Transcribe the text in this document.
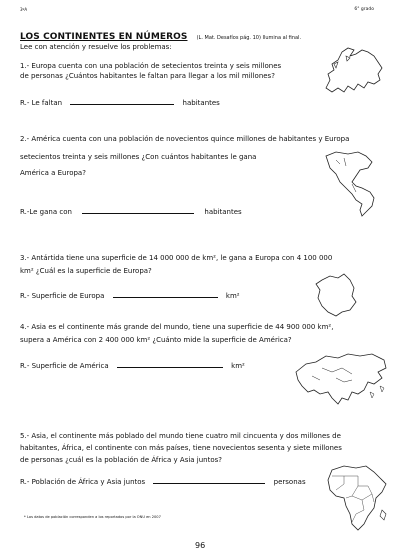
3ºA	6° grado
LOS CONTINENTES EN NÚMEROS (L. Mat. Desafíos pág. 10) Ilumina al final.
Lee con atención y resuelve los problemas:
1.- Europa cuenta con una población de setecientos treinta y seis millones
de personas ¿Cuántos habitantes le faltan para llegar a los mil millones?
R.- Le faltan	habitantes
2.- América cuenta con una población de novecientos quince millones de habitantes y Europa
setecientos treinta y seis millones ¿Con cuántos habitantes le gana
América a Europa?
R.-Le gana con	habitantes
3.- Antártida tiene una superficie de 14 000 000 de km², le gana a Europa con 4 100 000
km² ¿Cuál es la superficie de Europa?
R.- Superficie de Europa	km²
4.- Asia es el continente más grande del mundo, tiene una superficie de 44 900 000 km²,
supera a América con 2 400 000 km² ¿Cuánto mide la superficie de América?
R.- Superficie de América	km²
5.- Asia, el continente más poblado del mundo tiene cuatro mil cincuenta y dos millones de
habitantes, África, el continente con más países, tiene novecientos sesenta y siete millones
de personas ¿cuál es la población de África y Asia juntos?
R.- Población de África y Asia juntos	personas
* Los datos de población corresponden a los reportados por la ONU en 2007
96
